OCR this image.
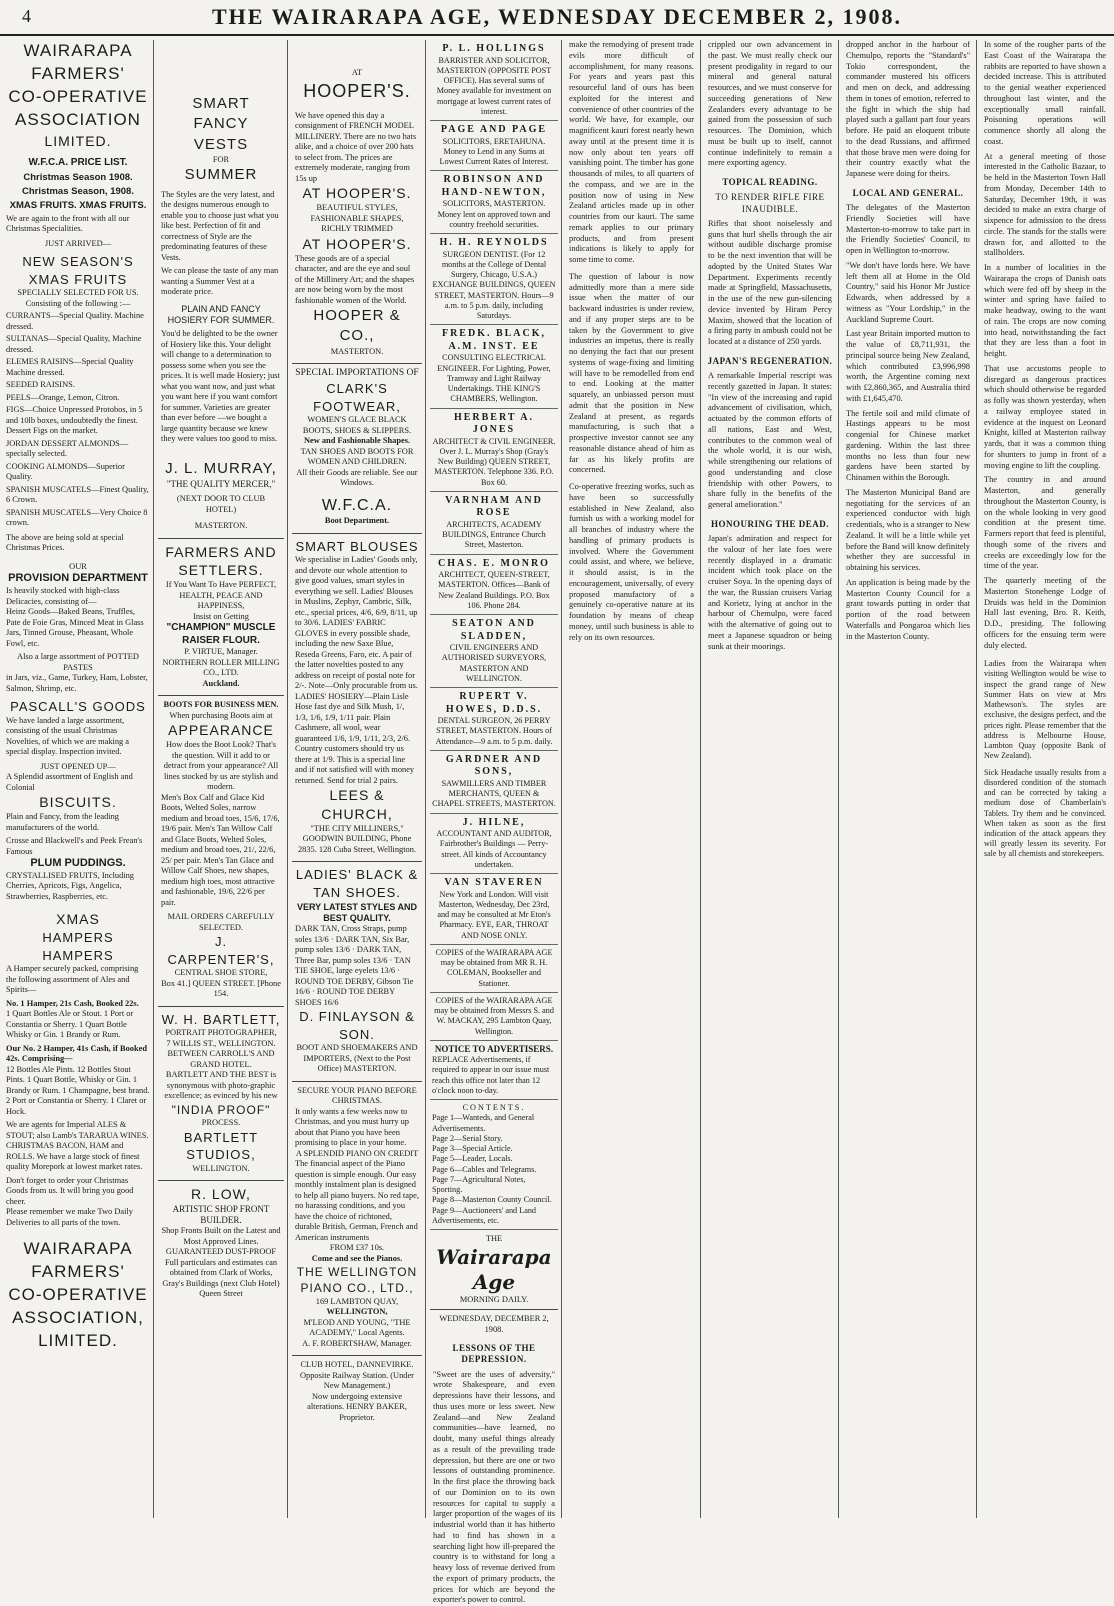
4	THE WAIRARAPA AGE, WEDNESDAY DECEMBER 2, 1908.
WAIRARAPA
FARMERS'
CO-OPERATIVE
ASSOCIATION
LIMITED.
W.F.C.A. PRICE LIST.
Christmas Season 1908.
Christmas Season, 1908.
XMAS FRUITS. XMAS FRUITS.
We are again to the front with all our Christmas Specialities.
JUST ARRIVED—
NEW SEASON'S XMAS FRUITS
SPECIALLY SELECTED FOR US.
Consisting of the following :—
CURRANTS—Special Quality. Machine dressed.
SULTANAS—Special Quality, Machine dressed.
ELEMES RAISINS—Special Quality Machine dressed.
SEEDED RAISINS.
PEELS—Orange, Lemon, Citron.
FIGS—Choice Unpressed Protobos, in 5 and 10lb boxes, undoubtedly the finest. Dessert Figs on the market.
JORDAN DESSERT ALMONDS—specially selected.
COOKING ALMONDS—Superior Quality.
SPANISH MUSCATELS—Finest Quality, 6 Crown.
SPANISH MUSCATELS—Very Choice 8 crown.
The above are being sold at special Christmas Prices.
OUR
PROVISION DEPARTMENT
Is heavily stocked with high-class Delicacies, consisting of—
Heinz Goods—Baked Beans, Truffles, Pate de Foie Gras, Minced Meat in Glass Jars, Tinned Grouse, Pheasant, Whole Fowl, etc.
Also a large assortment of POTTED PASTES
in Jars, viz., Game, Turkey, Ham, Lobster, Salmon, Shrimp, etc.
PASCALL'S GOODS
We have landed a large assortment, consisting of the usual Christmas Novelties, of which we are making a special display. Inspection invited.
JUST OPENED UP—
A Splendid assortment of English and Colonial
BISCUITS.
Plain and Fancy, from the leading manufacturers of the world.
Crosse and Blackwell's and Peek Frean's Famous
PLUM PUDDINGS.
CRYSTALLISED FRUITS, Including Cherries, Apricots, Figs, Angelica, Strawberries, Raspberries, etc.
XMAS
HAMPERS HAMPERS
A Hamper securely packed, comprising the following assortment of Ales and Spirits—
No. 1 Hamper, 21s Cash, Booked 22s.
1 Quart Bottles Ale or Stout. 1 Port or Constantia or Sherry. 1 Quart Bottle Whisky or Gin. 1 Brandy or Rum.
Our No. 2 Hamper, 41s Cash, if Booked 42s. Comprising—
12 Bottles Ale Pints. 12 Bottles Stout Pints. 1 Quart Bottle, Whisky or Gin. 1 Brandy or Rum. 1 Champagne, best brand. 2 Port or Constantia or Sherry. 1 Claret or Hock.
We are agents for Imperial ALES & STOUT; also Lamb's TARARUA WINES. CHRISTMAS BACON, HAM and ROLLS. We have a large stock of finest quality Morepork at lowest market rates.
Don't forget to order your Christmas Goods from us. It will bring you good cheer.
Please remember we make Two Daily Deliveries to all parts of the town.
WAIRARAPA
FARMERS'
CO-OPERATIVE
ASSOCIATION,
LIMITED.
SMART
FANCY
VESTS
FOR
SUMMER
The Styles are the very latest, and the designs numerous enough to enable you to choose just what you like best. Perfection of fit and correctness of Style are the predominating features of these Vests.
We can please the taste of any man wanting a Summer Vest at a moderate price.
PLAIN AND FANCY HOSIERY FOR SUMMER.
You'd be delighted to be the owner of Hosiery like this. Your delight will change to a determination to possess some when you see the prices. It is well made Hosiery; just what you want now, and just what you want here if you want comfort for summer. Varieties are greater than ever before —we bought a large quantity because we knew they were values too good to miss.
J. L. MURRAY,
"THE QUALITY MERCER,"
(NEXT DOOR TO CLUB HOTEL)
MASTERTON.
FARMERS AND SETTLERS.
If You Want To Have PERFECT, HEALTH, PEACE AND HAPPINESS,
Insist on Getting
"CHAMPION" MUSCLE RAISER FLOUR.
P. VIRTUE, Manager.
NORTHERN ROLLER MILLING CO., LTD.
Auckland.
BOOTS FOR BUSINESS MEN.
When purchasing Boots aim at
APPEARANCE
How does the Boot Look? That's the question. Will it add to or detract from your appearance? All lines stocked by us are stylish and modern.
Men's Box Calf and Glace Kid Boots, Welted Soles, narrow medium and broad toes, 15/6, 17/6, 19/6 pair. Men's Tan Willow Calf and Glace Boots, Welted Soles, medium and broad toes, 21/, 22/6, 25/ per pair. Men's Tan Glace and Willow Calf Shoes, new shapes, medium high toes, most attractive and fashionable, 19/6, 22/6 per pair.
MAIL ORDERS CAREFULLY SELECTED.
J. CARPENTER'S,
CENTRAL SHOE STORE,
Box 41.] QUEEN STREET. [Phone 154.
W. H. BARTLETT,
PORTRAIT PHOTOGRAPHER,
7 WILLIS ST., WELLINGTON.
BETWEEN CARROLL'S AND GRAND HOTEL.
BARTLETT AND THE BEST is synonymous with photo-graphic excellence; as evinced by his new
"INDIA PROOF"
PROCESS.
BARTLETT STUDIOS,
WELLINGTON.
R. LOW,
ARTISTIC SHOP FRONT BUILDER.
Shop Fronts Built on the Latest and Most Approved Lines.
GUARANTEED DUST-PROOF
Full particulars and estimates can obtained from Clark of Works, Gray's Buildings (next Club Hotel) Queen Street
AT
HOOPER'S.
We have opened this day a consignment of FRENCH MODEL MILLINERY. There are no two hats alike, and a choice of over 200 hats to select from. The prices are extremely moderate, ranging from 15s up
AT HOOPER'S.
BEAUTIFUL STYLES, FASHIONABLE SHAPES, RICHLY TRIMMED
AT HOOPER'S.
These goods are of a special character, and are the eye and soul of the Millinery Art; and the shapes are now being worn by the most fashionable women of the World.
HOOPER & CO.,
MASTERTON.
SPECIAL IMPORTATIONS OF
CLARK'S FOOTWEAR,
WOMEN'S GLACE BLACK BOOTS, SHOES & SLIPPERS.
New and Fashionable Shapes.
TAN SHOES AND BOOTS FOR WOMEN AND CHILDREN.
All their Goods are reliable. See our Windows.
W.F.C.A.
Boot Department.
SMART BLOUSES
We specialise in Ladies' Goods only, and devote our whole attention to give good values, smart styles in everything we sell. Ladies' Blouses in Muslins, Zephyr, Cambric, Silk, etc., special prices, 4/6, 6/9, 8/11, up to 30/6. LADIES' FABRIC GLOVES in every possible shade, including the new Saxe Blue, Reseda Greens, Faro, etc. A pair of the latter novelties posted to any address on receipt of postal note for 2/-. Note—Only procurable from us.
LADIES' HOSIERY—Plain Lisle Hose fast dye and Silk Mush, 1/, 1/3, 1/6, 1/9, 1/11 pair. Plain Cashmere, all wool, wear guaranteed 1/6, 1/9, 1/11, 2/3, 2/6. Country customers should try us there at 1/9. This is a special line and if not satisfied will with money returned. Send for trial 2 pairs.
LEES & CHURCH,
"THE CITY MILLINERS,"
GOODWIN BUILDING, Phone 2835. 128 Cuba Street, Wellington.
LADIES' BLACK & TAN SHOES.
VERY LATEST STYLES AND BEST QUALITY.
DARK TAN, Cross Straps, pump soles 13/6 · DARK TAN, Six Bar, pump soles 13/6 · DARK TAN, Three Bar, pump soles 13/6 · TAN TIE SHOE, large eyelets 13/6 · ROUND TOE DERBY, Gibson Tie 16/6 · ROUND TOE DERBY SHOES 16/6
D. FINLAYSON & SON.
BOOT AND SHOEMAKERS AND IMPORTERS, (Next to the Post Office) MASTERTON.
SECURE YOUR PIANO BEFORE CHRISTMAS.
It only wants a few weeks now to Christmas, and you must hurry up about that Piano you have been promising to place in your home.
A SPLENDID PIANO ON CREDIT
The financial aspect of the Piano question is simple enough. Our easy monthly instalment plan is designed to help all piano buyers. No red tape, no harassing conditions, and you have the choice of richtoned, durable British, German, French and American instruments
FROM £37 10s.
Come and see the Pianos.
THE WELLINGTON PIANO CO., LTD.,
169 LAMBTON QUAY,
WELLINGTON,
M'LEOD AND YOUNG, "THE ACADEMY," Local Agents.
A. F. ROBERTSHAW, Manager.
CLUB HOTEL, DANNEVIRKE. Opposite Railway Station. (Under New Management.)
Now undergoing extensive alterations. HENRY BAKER, Proprietor.
P. L. HOLLINGS
BARRISTER AND SOLICITOR, MASTERTON (OPPOSITE POST OFFICE). Has several sums of Money available for investment on mortgage at lowest current rates of interest.
PAGE AND PAGE
SOLICITORS, ERETAHUNA. Money to Lend in any Sums at Lowest Current Rates of Interest.
ROBINSON AND HAND-NEWTON,
SOLICITORS, MASTERTON. Money lent on approved town and country freehold securities.
H. H. REYNOLDS
SURGEON DENTIST. (For 12 months at the College of Dental Surgery, Chicago, U.S.A.) EXCHANGE BUILDINGS, QUEEN STREET, MASTERTON. Hours—9 a.m. to 5 p.m. daily, including Saturdays.
FREDK. BLACK, A.M. INST. EE
CONSULTING ELECTRICAL ENGINEER. For Lighting, Power, Tramway and Light Railway Undertakings. THE KING'S CHAMBERS, Wellington.
HERBERT A. JONES
ARCHITECT & CIVIL ENGINEER. Over J. L. Murray's Shop (Gray's New Building) QUEEN STREET, MASTERTON. Telephone 336. P.O. Box 60.
VARNHAM AND ROSE
ARCHITECTS, ACADEMY BUILDINGS, Entrance Church Street, Masterton.
CHAS. E. MONRO
ARCHITECT, QUEEN-STREET, MASTERTON. Offices—Bank of New Zealand Buildings. P.O. Box 106. Phone 284.
SEATON AND SLADDEN,
CIVIL ENGINEERS AND AUTHORISED SURVEYORS, MASTERTON AND WELLINGTON.
RUPERT V. HOWES, D.D.S.
DENTAL SURGEON, 26 PERRY STREET, MASTERTON. Hours of Attendance—9 a.m. to 5 p.m. daily.
GARDNER AND SONS,
SAWMILLERS AND TIMBER MERCHANTS, QUEEN & CHAPEL STREETS, MASTERTON.
J. HILNE,
ACCOUNTANT AND AUDITOR, Fairbrother's Buildings — Perry-street. All kinds of Accountancy undertaken.
VAN STAVEREN
New York and London. Will visit Masterton, Wednesday, Dec 23rd, and may be consulted at Mr Eton's Pharmacy. EYE, EAR, THROAT AND NOSE ONLY.
COPIES of the WAIRARAPA AGE may be obtained from MR R. H. COLEMAN, Bookseller and Stationer.
COPIES of the WAIRARAPA AGE may be obtained from Messrs S. and W. MACKAY, 295 Lambton Quay, Wellington.
NOTICE TO ADVERTISERS.
REPLACE Advertisements, if required to appear in our issue must reach this office not later than 12 o'clock noon to-day.
CONTENTS.
Page 1—Wanteds, and General Advertisements.
Page 2—Serial Story.
Page 3—Special Article.
Page 5—Leader, Locals.
Page 6—Cables and Telegrams.
Page 7—Agricultural Notes, Sporting.
Page 8—Masterton County Council.
Page 9—Auctioneers' and Land Advertisements, etc.
THE
Wairarapa Age
MORNING DAILY.
WEDNESDAY, DECEMBER 2, 1908.
LESSONS OF THE DEPRESSION.
"Sweet are the uses of adversity," wrote Shakespeare, and even depressions have their lessons, and thus uses more or less sweet. New Zealand—and New Zealand communities—have learned, no doubt, many useful things already as a result of the prevailing trade depression, but there are one or two lessons of outstanding prominence. In the first place the throwing back of our Dominion on to its own resources for capital to supply a larger proportion of the wages of its industrial world than it has hitherto had to find has shown in a searching light how ill-prepared the country is to withstand for long a heavy loss of revenue derived from the export of primary products, the prices for which are beyond the exporter's power to control.
make the remodying of present trade evils more difficult of accomplishment, for many reasons. For years and years past this resourceful land of ours has been exploited for the interest and convenience of other countries of the world. We have, for example, our magnificent kauri forest nearly hewn away until at the present time it is now only about ten years off vanishing point. The timber has gone thousands of miles, to all quarters of the compass, and we are in the position now of using in New Zealand articles made up in other countries from our kauri. The same remark applies to our primary products, and from present indications is likely to apply for some time to come.
The question of labour is now admittedly more than a mere side issue when the matter of our backward industries is under review, and if any proper steps are to be taken by the Government to give industries an impetus, there is really no denying the fact that our present systems of wage-fixing and limiting will have to be remodelled from end to end. Looking at the matter squarely, an unbiassed person must admit that the position in New Zealand at present, as regards manufacturing, is such that a prospective investor cannot see any reasonable distance ahead of him as far as his likely profits are concerned.
Co-operative freezing works, such as have been so successfully established in New Zealand, also furnish us with a working model for all branches of industry where the handling of primary products is involved. Where the Government could assist, and where, we believe, it should assist, is in the encouragement, universally, of every proposed manufactory of a genuinely co-operative nature at its foundation by means of cheap money, until such business is able to rely on its own resources.
crippled our own advancement in the past. We must really check our present prodigality in regard to our mineral and general natural resources, and we must conserve for succeeding generations of New Zealanders every advantage to be gained from the possession of such resources. The Dominion, which must be built up to itself, cannot continue indefinitely to remain a mere exporting agency.
TOPICAL READING.
TO RENDER RIFLE FIRE INAUDIBLE.
Rifles that shoot noiselessly and guns that hurl shells through the air without audible discharge promise to be the next invention that will be adopted by the United States War Department. Experiments recently made at Springfield, Massachusetts, in the use of the new gun-silencing device invented by Hiram Percy Maxim, showed that the location of a firing party in ambush could not be located at a distance of 250 yards.
JAPAN'S REGENERATION.
A remarkable Imperial rescript was recently gazetted in Japan. It states: "In view of the increasing and rapid advancement of civilisation, which, actuated by the common efforts of all nations, East and West, contributes to the common weal of the whole world, it is our wish, while strengthening our relations of good understanding and close friendship with other Powers, to share fully in the benefits of the general amelioration."
HONOURING THE DEAD.
Japan's admiration and respect for the valour of her late foes were recently displayed in a dramatic incident which took place on the cruiser Soya. In the opening days of the war, the Russian cruisers Variag and Korietz, lying at anchor in the harbour of Chemulpo, were faced with the alternative of going out to meet a Japanese squadron or being sunk at their moorings.
dropped anchor in the harbour of Chemulpo, reports the "Standard's" Tokio correspondent, the commander mustered his officers and men on deck, and addressing them in tones of emotion, referred to the fight in which the ship had played such a gallant part four years before. He paid an eloquent tribute to the dead Russians, and affirmed that those brave men were doing for their country exactly what the Japanese were doing for theirs.
LOCAL AND GENERAL.
The delegates of the Masterton Friendly Societies will have Masterton-to-morrow to take part in the Friendly Societies' Council, to open in Wellington to-morrow.
"We don't have lords here. We have left them all at Home in the Old Country," said his Honor Mr Justice Edwards, when addressed by a witness as "Your Lordship," in the Auckland Supreme Court.
Last year Britain imported mutton to the value of £8,711,931, the principal source being New Zealand, which contributed £3,996,998 worth, the Argentine coming next with £2,860,365, and Australia third with £1,645,470.
The fertile soil and mild climate of Hastings appears to be most congenial for Chinese market gardening. Within the last three months no less than four new gardens have been started by Chinamen within the Borough.
The Masterton Municipal Band are negotiating for the services of an experienced conductor with high credentials, who is a stranger to New Zealand. It will be a little while yet before the Band will know definitely whether they are successful in obtaining his services.
An application is being made by the Masterton County Council for a grant towards putting in order that portion of the road between Waterfalls and Pongaroa which lies in the Masterton County.
In some of the rougher parts of the East Coast of the Wairarapa the rabbits are reported to have shown a decided increase. This is attributed to the genial weather experienced throughout last winter, and the exceptionally small rainfall. Poisoning operations will commence shortly all along the coast.
At a general meeting of those interested in the Catholic Bazaar, to be held in the Masterton Town Hall from Monday, December 14th to Saturday, December 19th, it was decided to make an extra charge of sixpence for admission to the dress circle. The stands for the stalls were drawn for, and allotted to the stallholders.
In a number of localities in the Wairarapa the crops of Danish oats which were fed off by sheep in the winter and spring have failed to make headway, owing to the want of rain. The crops are now coming into head, notwithstanding the fact that they are less than a foot in height.
That use accustoms people to disregard as dangerous practices which should otherwise be regarded as folly was shown yesterday, when a railway employee stated in evidence at the inquest on Leonard Knight, killed at Masterton railway yards, that it was a common thing for shunters to jump in front of a moving engine to lift the coupling.
The country in and around Masterton, and generally throughout the Masterton County, is on the whole looking in very good condition at the present time. Farmers report that feed is plentiful, though some of the rivers and creeks are exceedingly low for the time of the year.
The quarterly meeting of the Masterton Stonehenge Lodge of Druids was held in the Dominion Hall last evening, Bro. R. Keith, D.D., presiding. The following officers for the ensuing term were duly elected.
Ladies from the Wairarapa when visiting Wellington would be wise to inspect the grand range of New Summer Hats on view at Mrs Mathewson's. The styles are exclusive, the designs perfect, and the prices right. Please remember that the address is Melbourne House, Lambton Quay (opposite Bank of New Zealand).
Sick Headache usually results from a disordered condition of the stomach and can be corrected by taking a medium dose of Chamberlain's Tablets. Try them and be convinced. When taken as soon as the first indication of the attack appears they will greatly lessen its severity. For sale by all chemists and storekeepers.
